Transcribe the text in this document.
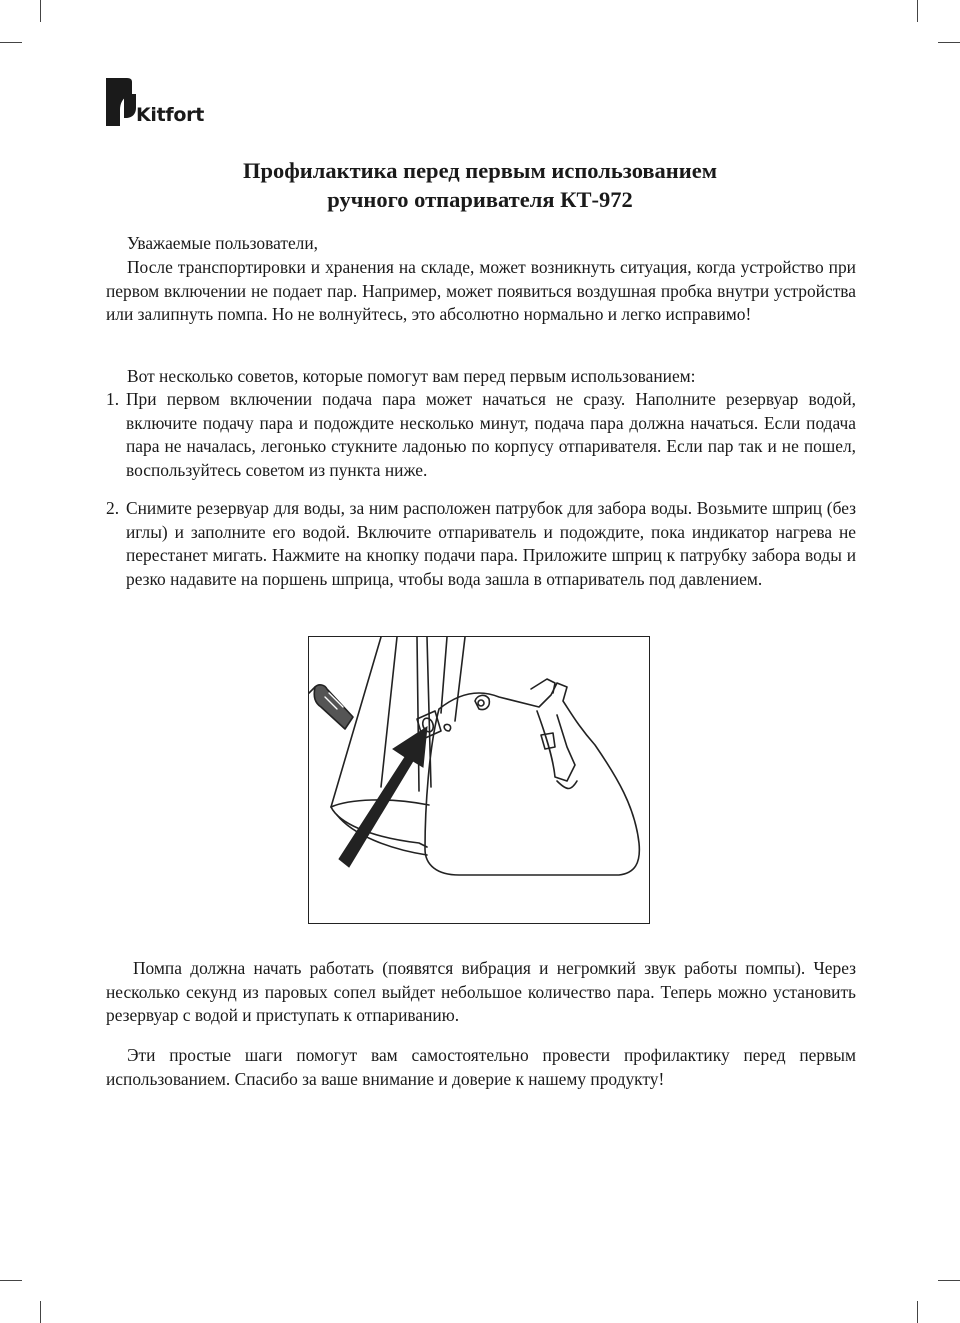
Kitfort
Профилактика перед первым использованием
ручного отпаривателя КТ-972
Уважаемые пользователи,
После транспортировки и хранения на складе, может возникнуть ситуация, когда устройство при первом включении не подает пар. Например, может появиться воздушная пробка внутри устройства или залипнуть помпа. Но не волнуйтесь, это абсолютно нормально и легко исправимо!
Вот несколько советов, которые помогут вам перед первым использованием:
1. При первом включении подача пара может начаться не сразу. Наполните резервуар водой, включите подачу пара и подождите несколько минут, подача пара должна начаться. Если подача пара не началась, легонько стукните ладонью по корпусу отпаривателя. Если пар так и не пошел, воспользуйтесь советом из пункта ниже.
2. Снимите резервуар для воды, за ним расположен патрубок для забора воды. Возьмите шприц (без иглы) и заполните его водой. Включите отпариватель и подождите, пока индикатор нагрева не перестанет мигать. Нажмите на кнопку подачи пара. Приложите шприц к патрубку забора воды и резко надавите на поршень шприца, чтобы вода зашла в отпариватель под давлением.
Помпа должна начать работать (появятся вибрация и негромкий звук работы помпы). Через несколько секунд из паровых сопел выйдет небольшое количество пара. Теперь можно установить резервуар с водой и приступать к отпариванию.
Эти простые шаги помогут вам самостоятельно провести профилактику перед первым использованием. Спасибо за ваше внимание и доверие к нашему продукту!
